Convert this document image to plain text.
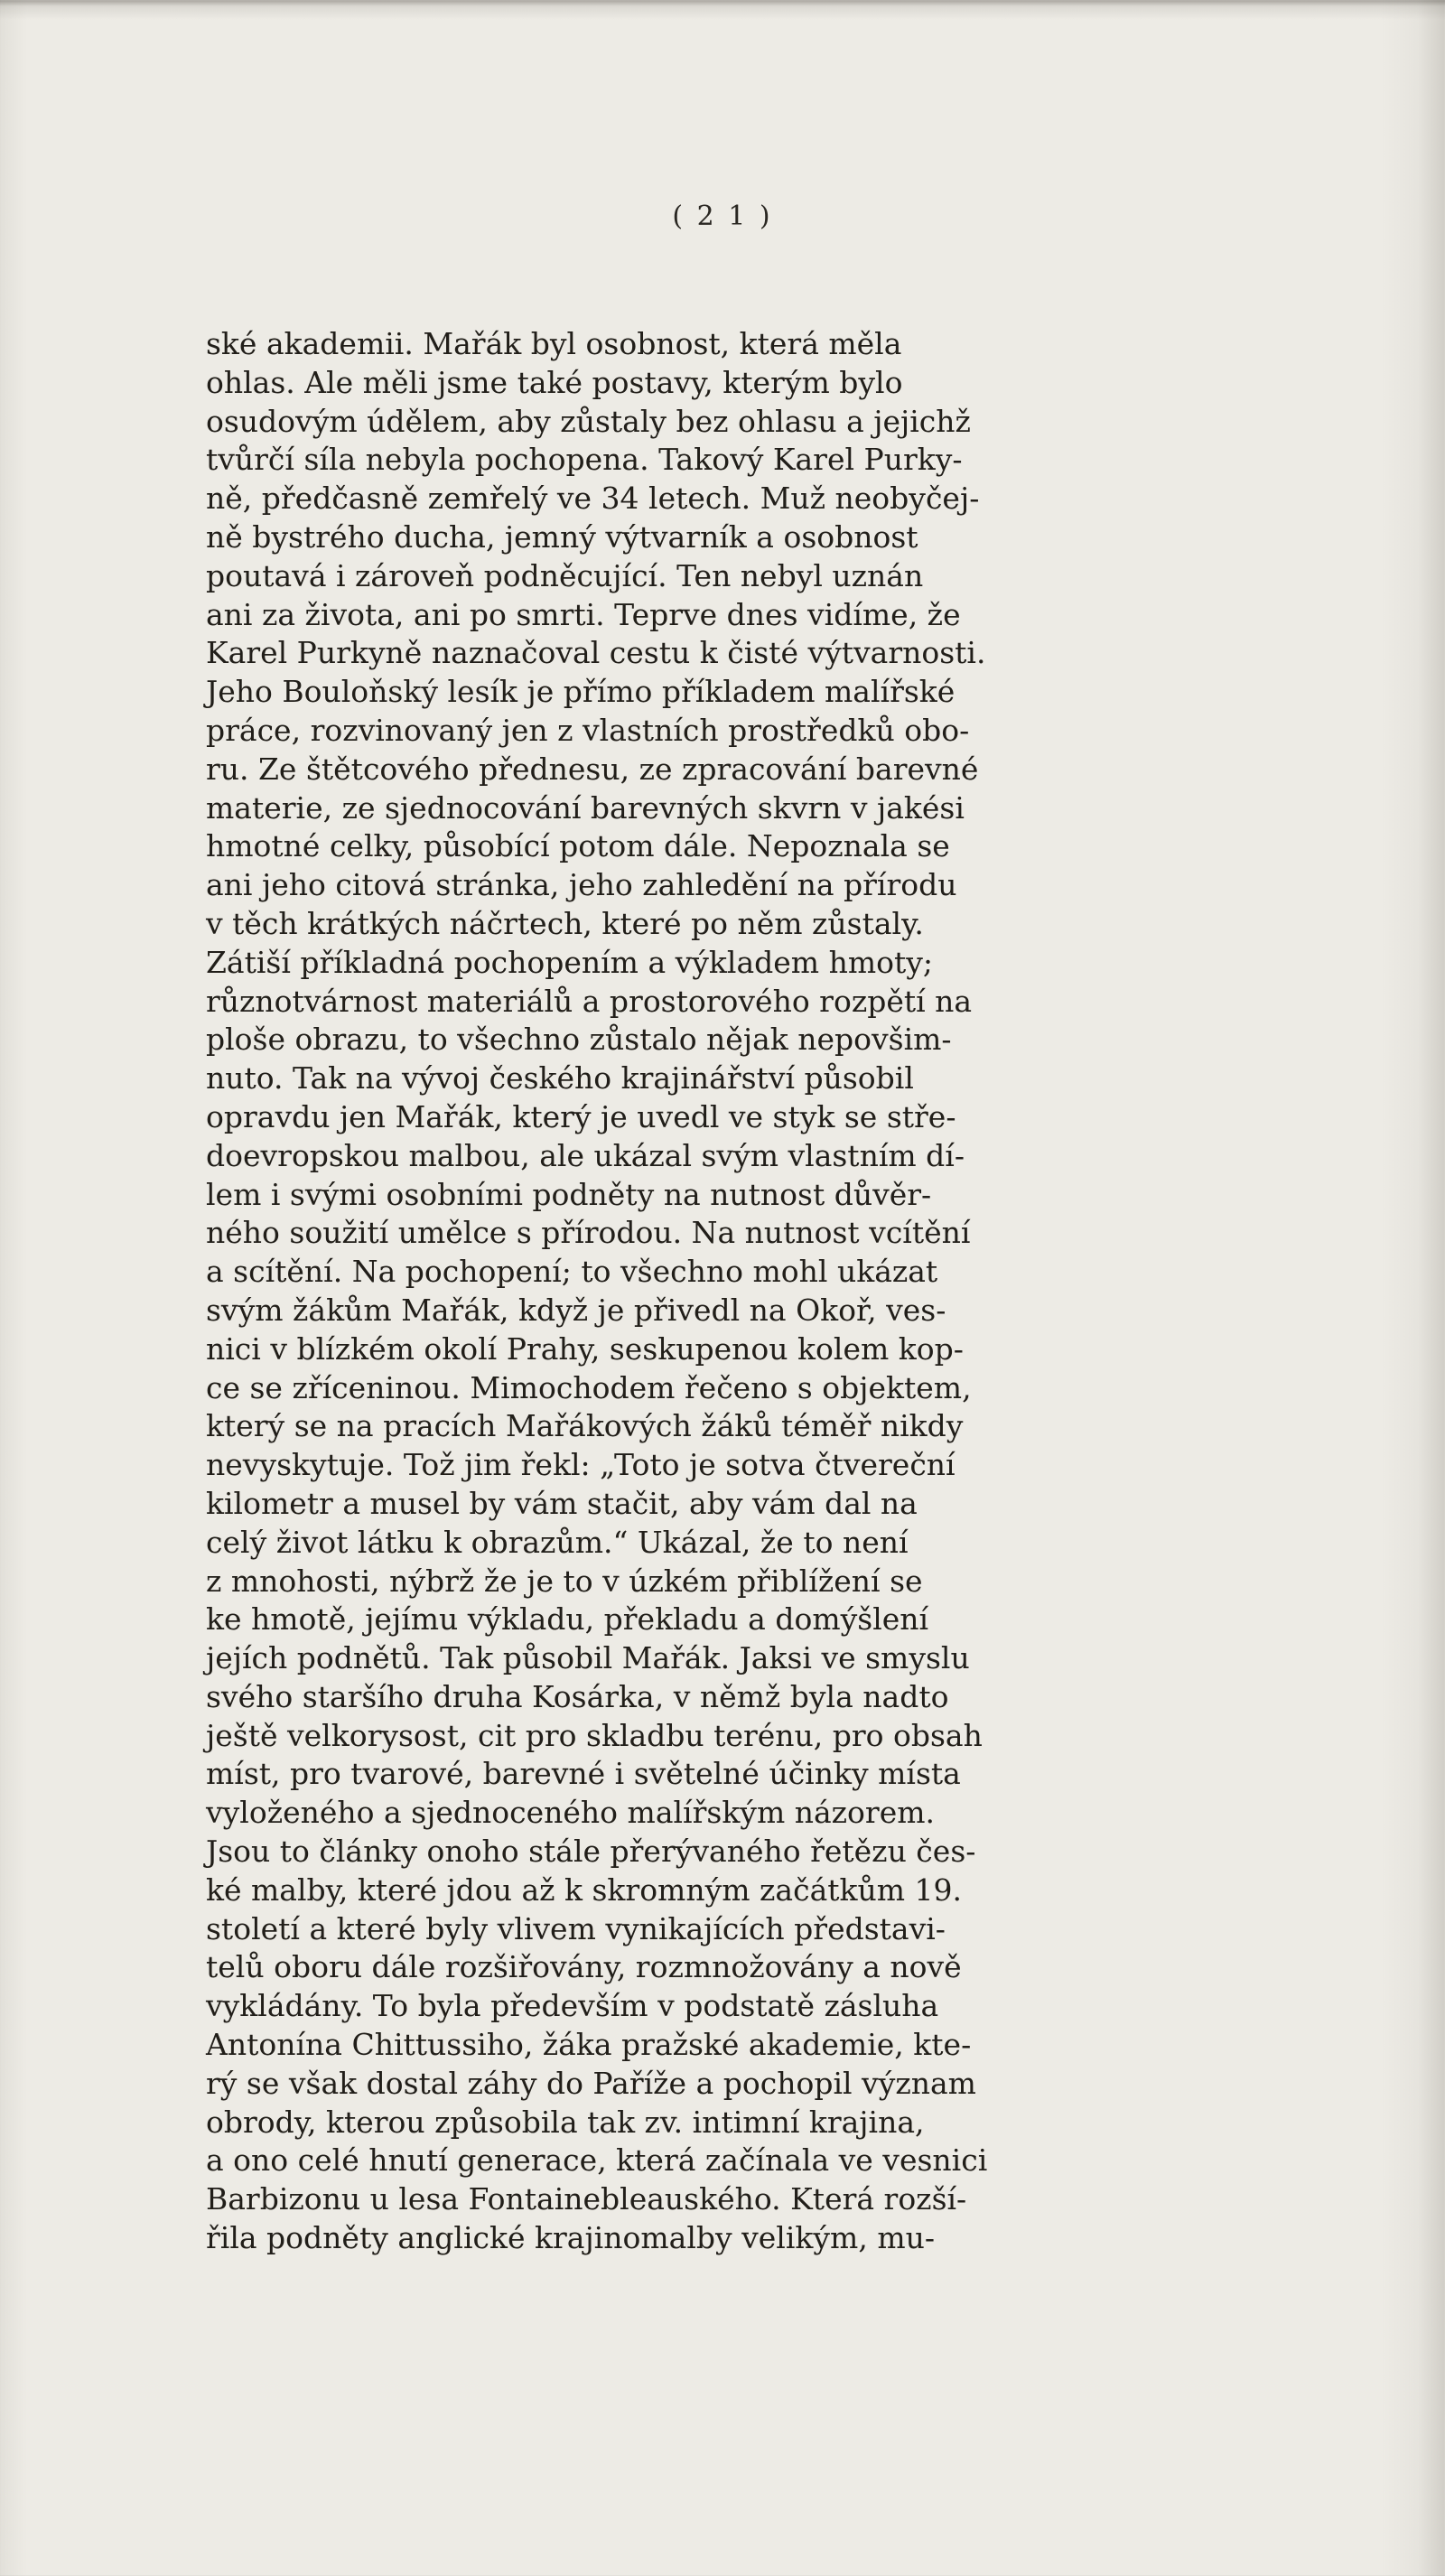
( 2 1 )
ské akademii. Mařák byl osobnost, která měla
ohlas. Ale měli jsme také postavy, kterým bylo
osudovým údělem, aby zůstaly bez ohlasu a jejichž
tvůrčí síla nebyla pochopena. Takový Karel Purky-
ně, předčasně zemřelý ve 34 letech. Muž neobyčej-
ně bystrého ducha, jemný výtvarník a osobnost
poutavá i zároveň podněcující. Ten nebyl uznán
ani za života, ani po smrti. Teprve dnes vidíme, že
Karel Purkyně naznačoval cestu k čisté výtvarnosti.
Jeho Bouloňský lesík je přímo příkladem malířské
práce, rozvinovaný jen z vlastních prostředků obo-
ru. Ze štětcového přednesu, ze zpracování barevné
materie, ze sjednocování barevných skvrn v jakési
hmotné celky, působící potom dále. Nepoznala se
ani jeho citová stránka, jeho zahledění na přírodu
v těch krátkých náčrtech, které po něm zůstaly.
Zátiší příkladná pochopením a výkladem hmoty;
různotvárnost materiálů a prostorového rozpětí na
ploše obrazu, to všechno zůstalo nějak nepovšim-
nuto. Tak na vývoj českého krajinářství působil
opravdu jen Mařák, který je uvedl ve styk se stře-
doevropskou malbou, ale ukázal svým vlastním dí-
lem i svými osobními podněty na nutnost důvěr-
ného soužití umělce s přírodou. Na nutnost vcítění
a scítění. Na pochopení; to všechno mohl ukázat
svým žákům Mařák, když je přivedl na Okoř, ves-
nici v blízkém okolí Prahy, seskupenou kolem kop-
ce se zříceninou. Mimochodem řečeno s objektem,
který se na pracích Mařákových žáků téměř nikdy
nevyskytuje. Tož jim řekl: „Toto je sotva čtvereční
kilometr a musel by vám stačit, aby vám dal na
celý život látku k obrazům.“ Ukázal, že to není
z mnohosti, nýbrž že je to v úzkém přiblížení se
ke hmotě, jejímu výkladu, překladu a domýšlení
jejích podnětů. Tak působil Mařák. Jaksi ve smyslu
svého staršího druha Kosárka, v němž byla nadto
ještě velkorysost, cit pro skladbu terénu, pro obsah
míst, pro tvarové, barevné i světelné účinky místa
vyloženého a sjednoceného malířským názorem.
Jsou to články onoho stále přerývaného řetězu čes-
ké malby, které jdou až k skromným začátkům 19.
století a které byly vlivem vynikajících představi-
telů oboru dále rozšiřovány, rozmnožovány a nově
vykládány. To byla především v podstatě zásluha
Antonína Chittussiho, žáka pražské akademie, kte-
rý se však dostal záhy do Paříže a pochopil význam
obrody, kterou způsobila tak zv. intimní krajina,
a ono celé hnutí generace, která začínala ve vesnici
Barbizonu u lesa Fontainebleauského. Která rozší-
řila podněty anglické krajinomalby velikým, mu-
